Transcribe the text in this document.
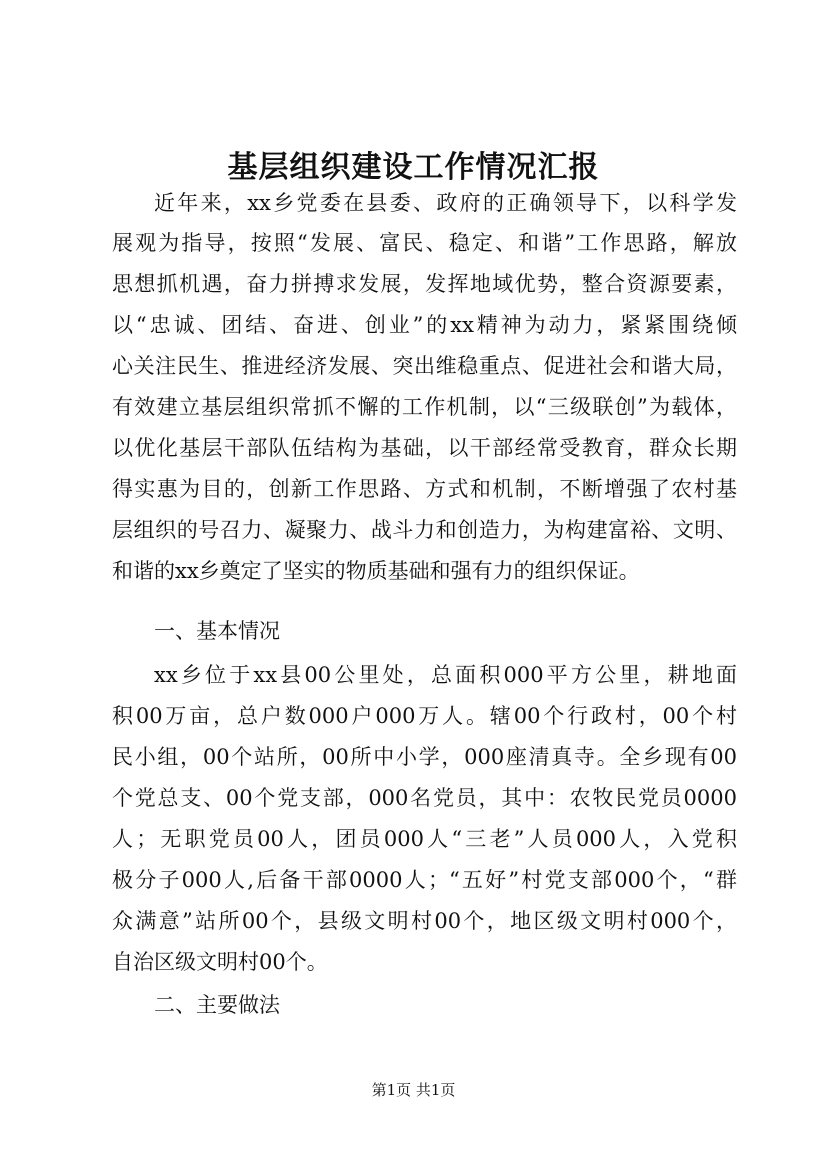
基层组织建设工作情况汇报
近年来，xx乡党委在县委、政府的正确领导下，以科学发
展观为指导，按照“发展、富民、稳定、和谐”工作思路，解放
思想抓机遇，奋力拼搏求发展，发挥地域优势，整合资源要素，
以“忠诚、团结、奋进、创业”的xx精神为动力，紧紧围绕倾
心关注民生、推进经济发展、突出维稳重点、促进社会和谐大局，
有效建立基层组织常抓不懈的工作机制，以“三级联创”为载体，
以优化基层干部队伍结构为基础，以干部经常受教育，群众长期
得实惠为目的，创新工作思路、方式和机制，不断增强了农村基
层组织的号召力、凝聚力、战斗力和创造力，为构建富裕、文明、
和谐的xx乡奠定了坚实的物质基础和强有力的组织保证。
一、基本情况
xx乡位于xx县00公里处，总面积000平方公里，耕地面
积00万亩，总户数000户000万人。辖00个行政村，00个村
民小组，00个站所，00所中小学，000座清真寺。全乡现有00
个党总支、00个党支部，000名党员，其中：农牧民党员0000
人；无职党员00人，团员000人“三老”人员000人，入党积
极分子000人,后备干部0000人；“五好”村党支部000个，“群
众满意”站所00个，县级文明村00个，地区级文明村000个，
自治区级文明村00个。
二、主要做法
第1页 共1页
